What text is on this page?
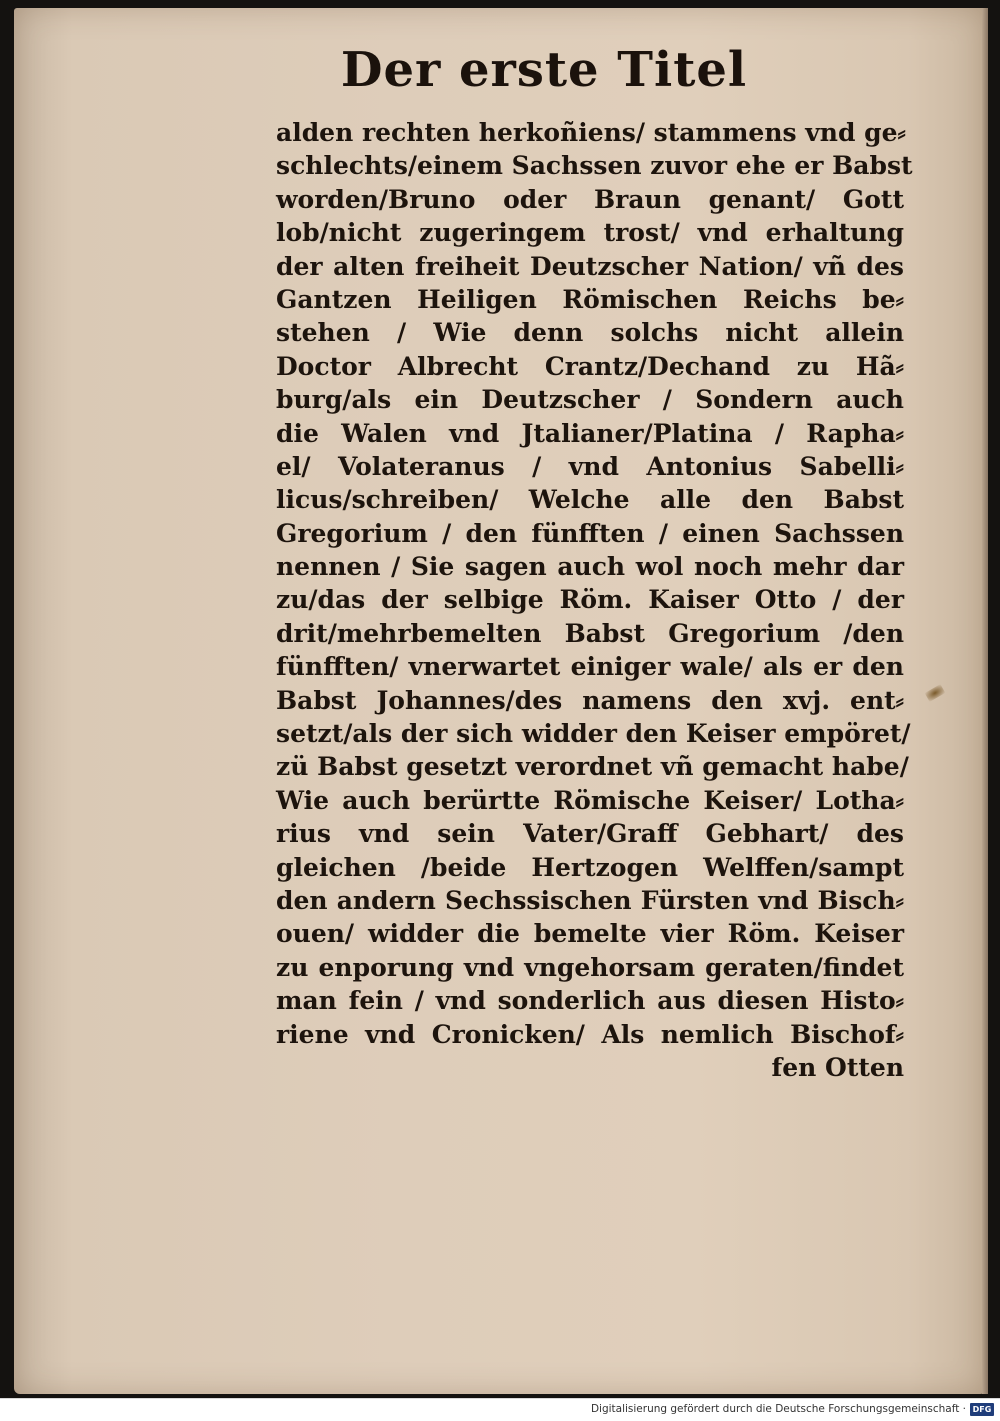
Der erste Titel
alden rechten herkoñiens/ stammens vnd ge⸗
schlechts/einem Sachssen zuvor ehe er Babst
worden/Bruno oder Braun genant/ Gott
lob/nicht zugeringem trost/ vnd erhaltung
der alten freiheit Deutzscher Nation/ vñ des
Gantzen Heiligen Römischen Reichs be⸗
stehen / Wie denn solchs nicht allein
Doctor Albrecht Crantz/Dechand zu Hã⸗
burg/als ein Deutzscher / Sondern auch
die Walen vnd Jtalianer/Platina / Rapha⸗
el/ Volateranus / vnd Antonius Sabelli⸗
licus/schreiben/ Welche alle den Babst
Gregorium / den fünfften / einen Sachssen
nennen / Sie sagen auch wol noch mehr dar
zu/das der selbige Röm. Kaiser Otto / der
drit/mehrbemelten Babst Gregorium /den
fünfften/ vnerwartet einiger wale/ als er den
Babst Johannes/des namens den xvj. ent⸗
setzt/als der sich widder den Keiser empöret/
zü Babst gesetzt verordnet vñ gemacht habe/
Wie auch berürtte Römische Keiser/ Lotha⸗
rius vnd sein Vater/Graff Gebhart/ des
gleichen /beide Hertzogen Welffen/sampt
den andern Sechssischen Fürsten vnd Bisch⸗
ouen/ widder die bemelte vier Röm. Keiser
zu enporung vnd vngehorsam geraten/findet
man fein / vnd sonderlich aus diesen Histo⸗
riene vnd Cronicken/ Als nemlich Bischof⸗
fen Otten
Digitalisierung gefördert durch die Deutsche Forschungsgemeinschaft · DFG
